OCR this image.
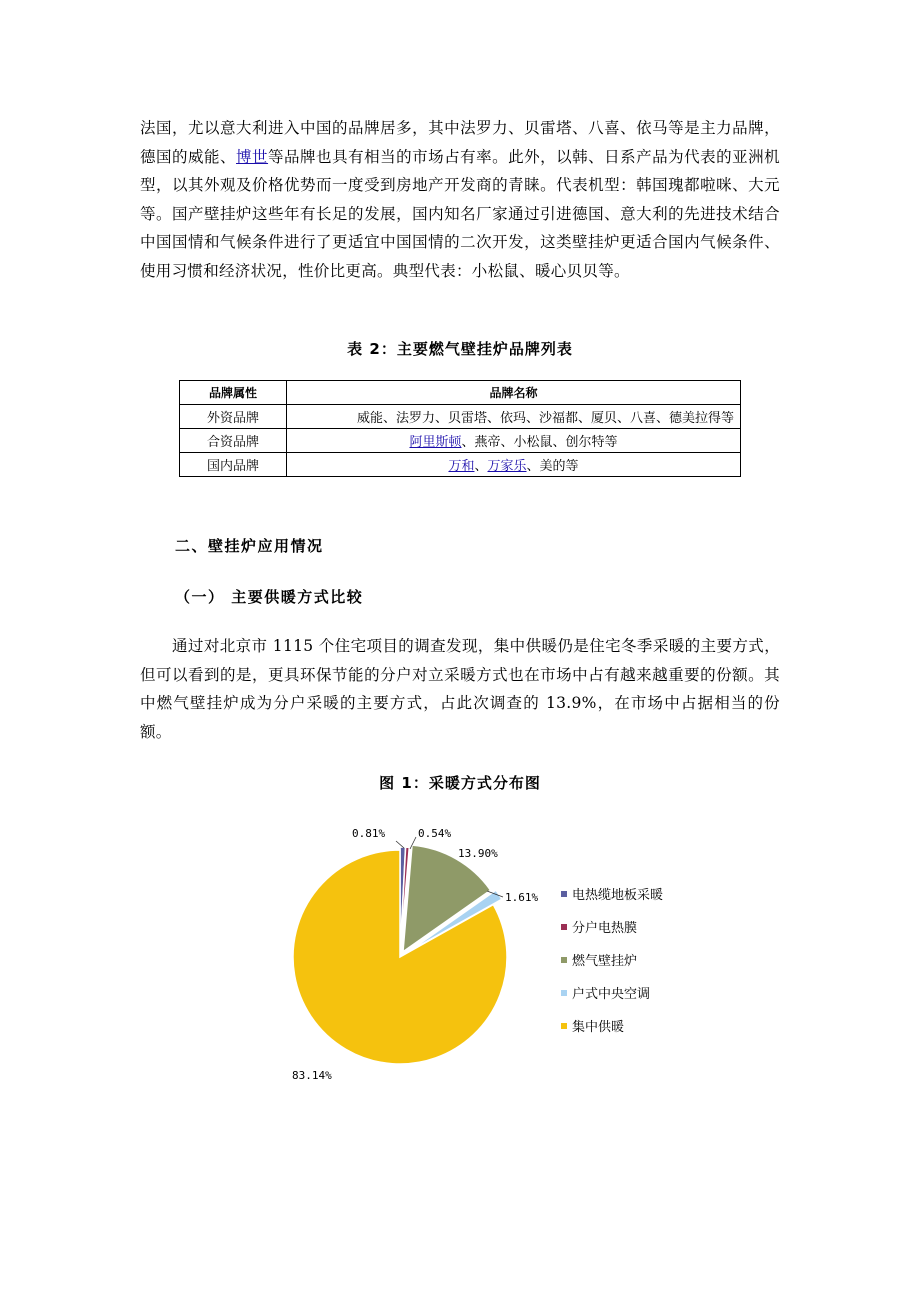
法国，尤以意大利进入中国的品牌居多，其中法罗力、贝雷塔、八喜、依马等是主力品牌，德国的威能、博世等品牌也具有相当的市场占有率。此外，以韩、日系产品为代表的亚洲机型，以其外观及价格优势而一度受到房地产开发商的青睐。代表机型：韩国瑰都啦咪、大元等。国产壁挂炉这些年有长足的发展，国内知名厂家通过引进德国、意大利的先进技术结合中国国情和气候条件进行了更适宜中国国情的二次开发，这类壁挂炉更适合国内气候条件、使用习惯和经济状况，性价比更高。典型代表：小松鼠、暖心贝贝等。

表 2：主要燃气壁挂炉品牌列表
品牌属性	品牌名称
外资品牌	威能、法罗力、贝雷塔、依玛、沙福都、厦贝、八喜、德美拉得等
合资品牌	阿里斯顿、燕帝、小松鼠、创尔特等
国内品牌	万和、万家乐、美的等
二、壁挂炉应用情况
（一） 主要供暖方式比较

通过对北京市 1115 个住宅项目的调查发现，集中供暖仍是住宅冬季采暖的主要方式，但可以看到的是，更具环保节能的分户对立采暖方式也在市场中占有越来越重要的份额。其中燃气壁挂炉成为分户采暖的主要方式，占此次调查的 13.9%，在市场中占据相当的份额。

图 1：采暖方式分布图
0.81%	0.54%
13.90%
1.61%
83.14%
电热缆地板采暖
分户电热膜
燃气壁挂炉
户式中央空调
集中供暖
